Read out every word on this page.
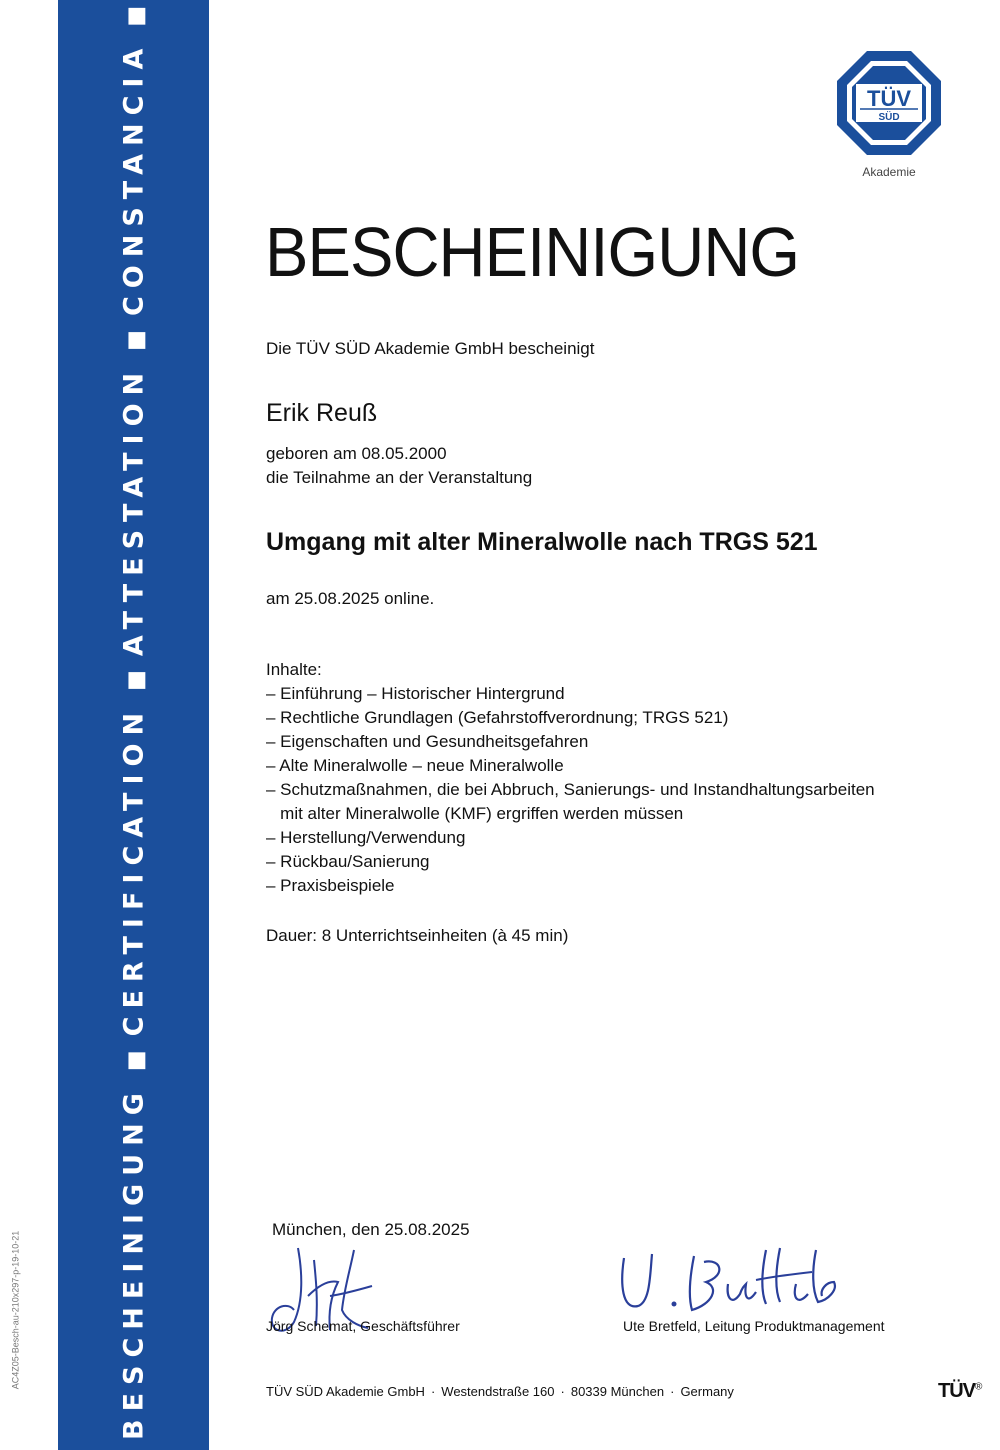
BESCHEINIGUNG■CERTIFICATION■ATTESTATION■CONSTANCIA■
AC4Z05-Besch-au-210x297-p-19-10-21
TÜV
SÜD
Akademie
BESCHEINIGUNG
Die TÜV SÜD Akademie GmbH bescheinigt
Erik Reuß
geboren am 08.05.2000
die Teilnahme an der Veranstaltung
Umgang mit alter Mineralwolle nach TRGS 521
am 25.08.2025 online.
Inhalte:
– Einführung – Historischer Hintergrund
– Rechtliche Grundlagen (Gefahrstoffverordnung; TRGS 521)
– Eigenschaften und Gesundheitsgefahren
– Alte Mineralwolle – neue Mineralwolle
– Schutzmaßnahmen, die bei Abbruch, Sanierungs- und Instandhaltungsarbeiten
mit alter Mineralwolle (KMF) ergriffen werden müssen
– Herstellung/Verwendung
– Rückbau/Sanierung
– Praxisbeispiele
Dauer: 8 Unterrichtseinheiten (à 45 min)
München, den 25.08.2025
Jörg Schemat, Geschäftsführer	Ute Bretfeld, Leitung Produktmanagement
TÜV SÜD Akademie GmbH · Westendstraße 160 · 80339 München · Germany	TÜV®
